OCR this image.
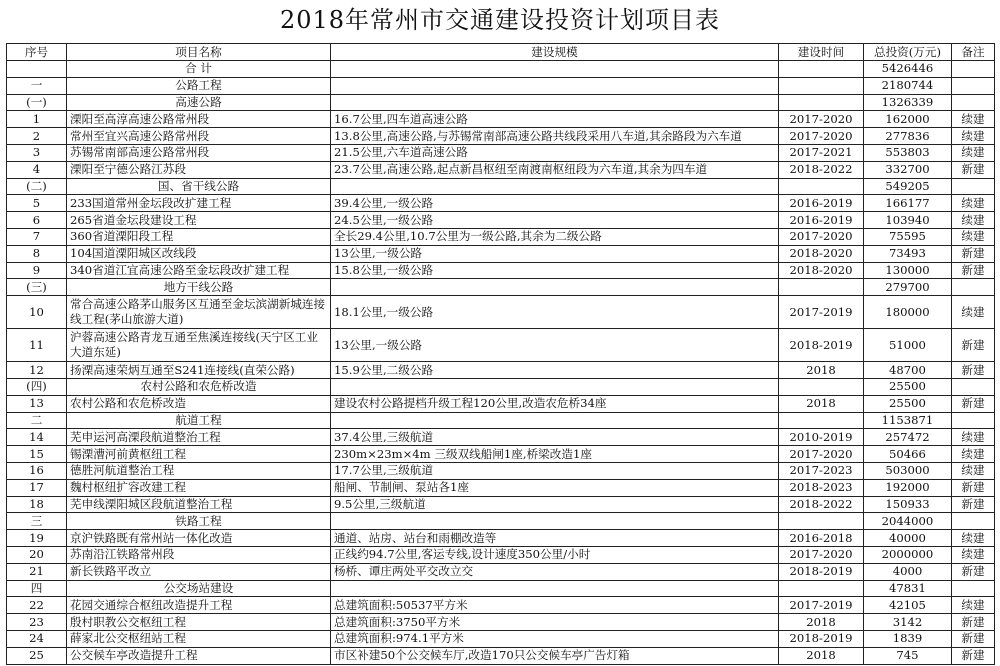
2018年常州市交通建设投资计划项目表
序号	项目名称	建设规模	建设时间	总投资(万元)	备注
	合 计			5426446	
一	公路工程			2180744	
(一)	高速公路			1326339	
1	溧阳至高淳高速公路常州段	16.7公里,四车道高速公路	2017-2020	162000	续建
2	常州至宜兴高速公路常州段	13.8公里,高速公路,与苏锡常南部高速公路共线段采用八车道,其余路段为六车道	2017-2020	277836	续建
3	苏锡常南部高速公路常州段	21.5公里,六车道高速公路	2017-2021	553803	续建
4	溧阳至宁德公路江苏段	23.7公里,高速公路,起点新昌枢纽至南渡南枢纽段为六车道,其余为四车道	2018-2022	332700	新建
(二)	国、省干线公路			549205	
5	233国道常州金坛段改扩建工程	39.4公里,一级公路	2016-2019	166177	续建
6	265省道金坛段建设工程	24.5公里,一级公路	2016-2019	103940	续建
7	360省道溧阳段工程	全长29.4公里,10.7公里为一级公路,其余为二级公路	2017-2020	75595	续建
8	104国道溧阳城区改线段	13公里,一级公路	2018-2020	73493	新建
9	340省道江宜高速公路至金坛段改扩建工程	15.8公里,一级公路	2018-2020	130000	新建
(三)	地方干线公路			279700	
10	常合高速公路茅山服务区互通至金坛滨湖新城连接线工程(茅山旅游大道)	18.1公里,一级公路	2017-2019	180000	续建
11	沪蓉高速公路青龙互通至焦溪连接线(天宁区工业大道东延)	13公里,一级公路	2018-2019	51000	新建
12	扬溧高速荣炳互通至S241连接线(直荣公路)	15.9公里,二级公路	2018	48700	新建
(四)	农村公路和农危桥改造			25500	
13	农村公路和农危桥改造	建设农村公路提档升级工程120公里,改造农危桥34座	2018	25500	新建
二	航道工程			1153871	
14	芜申运河高溧段航道整治工程	37.4公里,三级航道	2010-2019	257472	续建
15	锡溧漕河前黄枢纽工程	230m×23m×4m 三级双线船闸1座,桥梁改造1座	2017-2020	50466	续建
16	德胜河航道整治工程	17.7公里,三级航道	2017-2023	503000	续建
17	魏村枢纽扩容改建工程	船闸、节制闸、泵站各1座	2018-2023	192000	新建
18	芜申线溧阳城区段航道整治工程	9.5公里,三级航道	2018-2022	150933	新建
三	铁路工程			2044000	
19	京沪铁路既有常州站一体化改造	通道、站房、站台和雨棚改造等	2016-2018	40000	续建
20	苏南沿江铁路常州段	正线约94.7公里,客运专线,设计速度350公里/小时	2017-2020	2000000	续建
21	新长铁路平改立	杨桥、谭庄两处平交改立交	2018-2019	4000	新建
四	公交场站建设			47831	
22	花园交通综合枢纽改造提升工程	总建筑面积:50537平方米	2017-2019	42105	续建
23	殷村职教公交枢纽工程	总建筑面积:3750平方米	2018	3142	新建
24	薛家北公交枢纽站工程	总建筑面积:974.1平方米	2018-2019	1839	新建
25	公交候车亭改造提升工程	市区补建50个公交候车厅,改造170只公交候车亭广告灯箱	2018	745	新建
